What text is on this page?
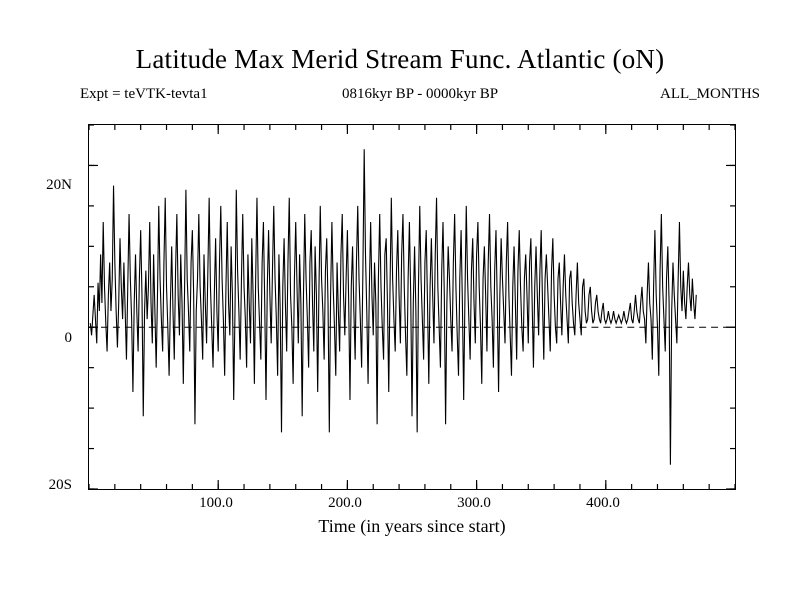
Latitude Max Merid Stream Func. Atlantic (oN)
Expt = teVTK-tevta1	0816kyr BP - 0000kyr BP	ALL_MONTHS
20N
0
20S
100.0	200.0	300.0	400.0
Time (in years since start)
